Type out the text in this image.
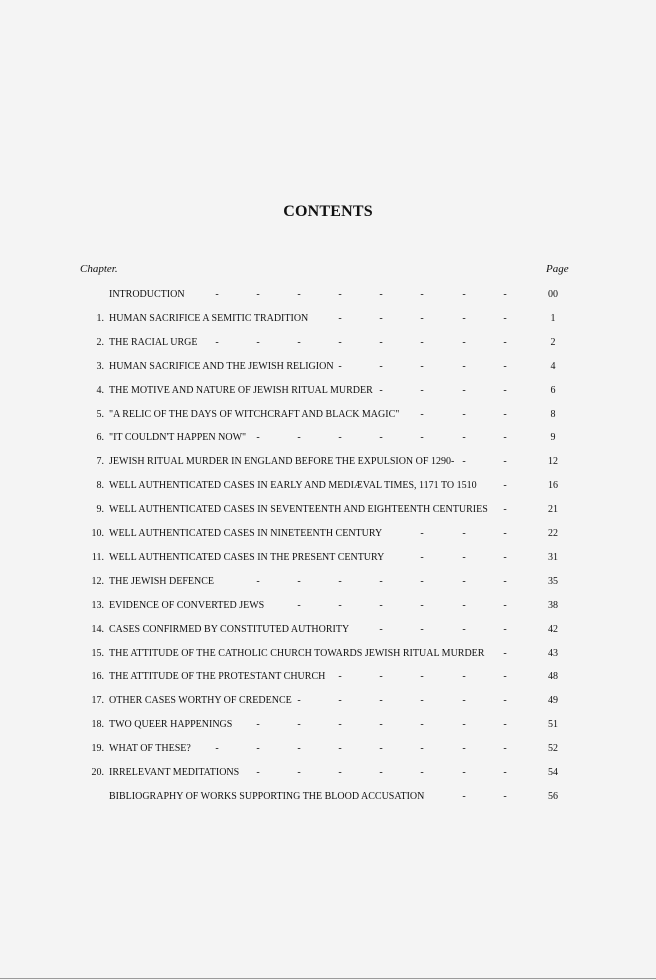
CONTENTS
Chapter.	Page
INTRODUCTION	00
-	-	-	-	-	-	-	-
1. HUMAN SACRIFICE A SEMITIC TRADITION	1
-	-	-	-	-
2. THE RACIAL URGE	2
-	-	-	-	-	-	-	-
3. HUMAN SACRIFICE AND THE JEWISH RELIGION	4
-	-	-	-	-
4. THE MOTIVE AND NATURE OF JEWISH RITUAL MURDER	6
-	-	-	-
5. "A RELIC OF THE DAYS OF WITCHCRAFT AND BLACK MAGIC"	8
-	-	-
6. "IT COULDN'T HAPPEN NOW"	9
-	-	-	-	-	-	-
7. JEWISH RITUAL MURDER IN ENGLAND BEFORE THE EXPULSION OF 1290-	12
-	-
8. WELL AUTHENTICATED CASES IN EARLY AND MEDIÆVAL TIMES, 1171 TO 1510	16
-
9. WELL AUTHENTICATED CASES IN SEVENTEENTH AND EIGHTEENTH CENTURIES	21
-
10. WELL AUTHENTICATED CASES IN NINETEENTH CENTURY	22
-	-	-
11. WELL AUTHENTICATED CASES IN THE PRESENT CENTURY	31
-	-	-
12. THE JEWISH DEFENCE	35
-	-	-	-	-	-	-
13. EVIDENCE OF CONVERTED JEWS	38
-	-	-	-	-	-
14. CASES CONFIRMED BY CONSTITUTED AUTHORITY	42
-	-	-	-
15. THE ATTITUDE OF THE CATHOLIC CHURCH TOWARDS JEWISH RITUAL MURDER	43
-
16. THE ATTITUDE OF THE PROTESTANT CHURCH	48
-	-	-	-	-
17. OTHER CASES WORTHY OF CREDENCE	49
-	-	-	-	-	-
18. TWO QUEER HAPPENINGS	51
-	-	-	-	-	-	-
19. WHAT OF THESE?	52
-	-	-	-	-	-	-	-
20. IRRELEVANT MEDITATIONS	54
-	-	-	-	-	-	-
BIBLIOGRAPHY OF WORKS SUPPORTING THE BLOOD ACCUSATION	56
-	-
